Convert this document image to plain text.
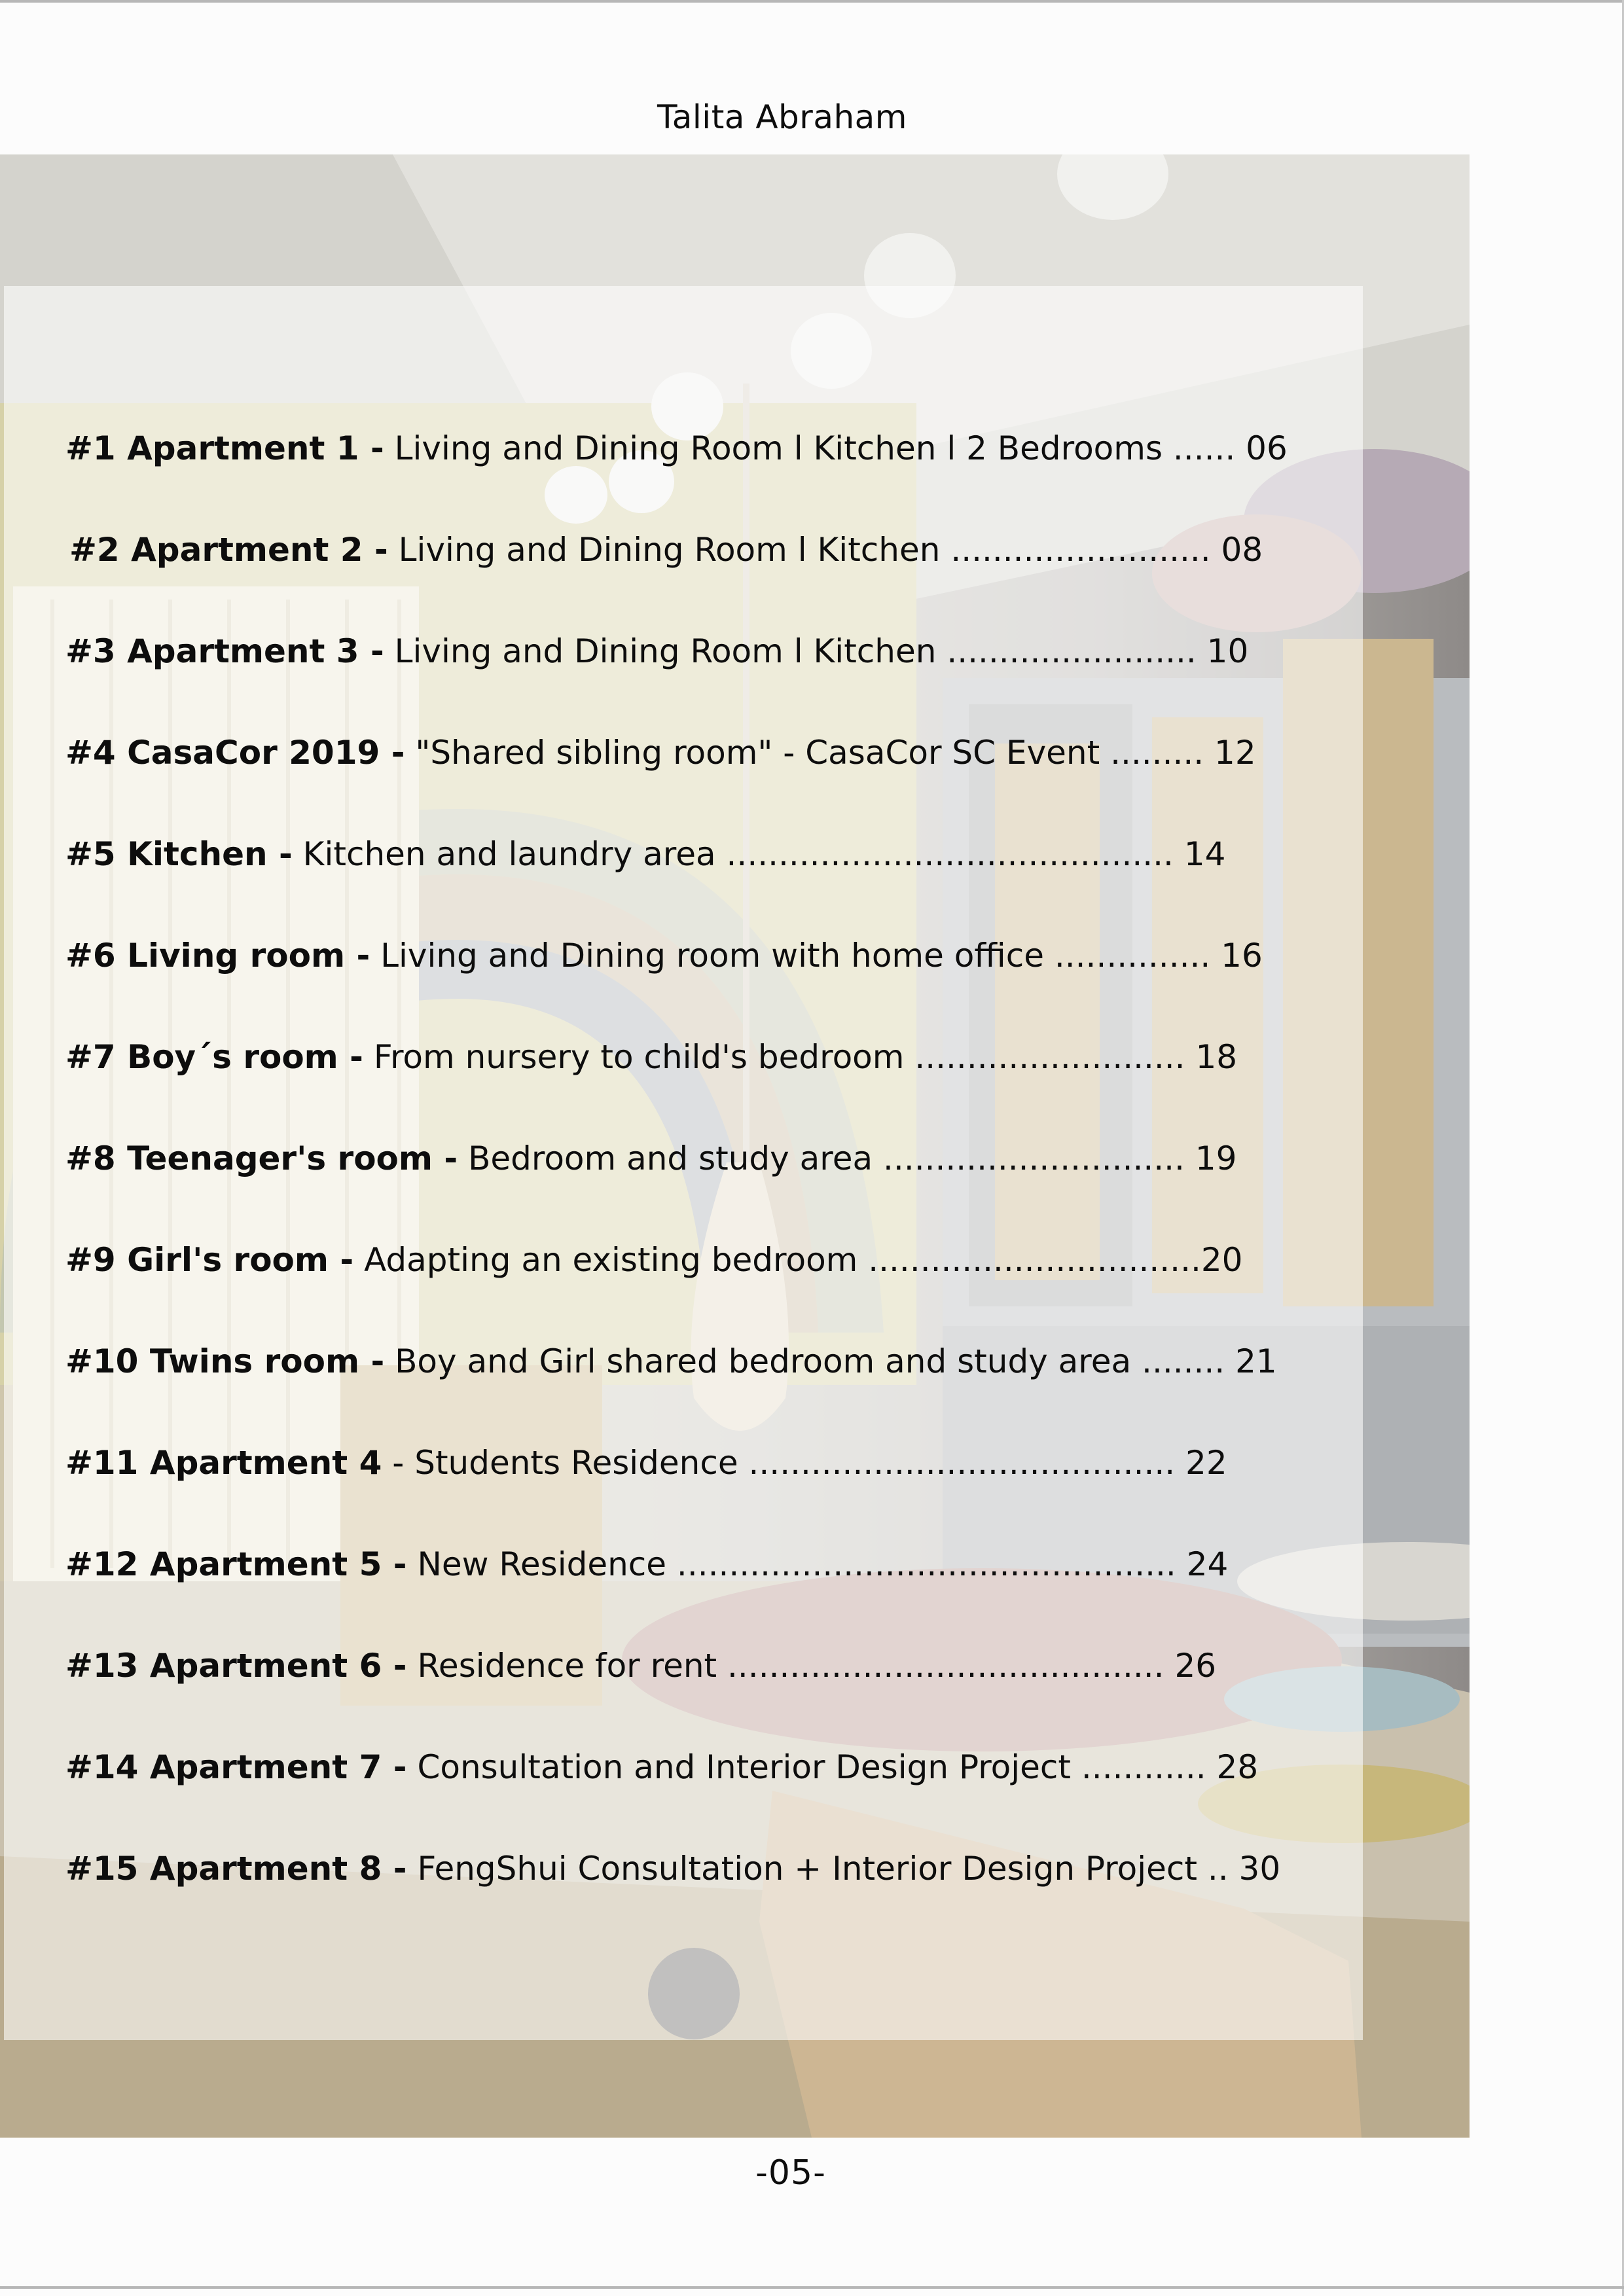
Talita Abraham
#1 Apartment 1 - Living and Dining Room l Kitchen l 2 Bedrooms ...... 06
#2 Apartment 2 - Living and Dining Room l Kitchen ......................... 08
#3 Apartment 3 - Living and Dining Room l Kitchen ........................ 10
#4 CasaCor 2019 - "Shared sibling room" - CasaCor SC Event ......... 12
#5 Kitchen - Kitchen and laundry area ........................................... 14
#6 Living room - Living and Dining room with home office ............... 16
#7 Boy´s room - From nursery to child's bedroom .......................... 18
#8 Teenager's room - Bedroom and study area ............................. 19
#9 Girl's room - Adapting an existing bedroom ................................20
#10 Twins room - Boy and Girl shared bedroom and study area ........ 21
#11 Apartment 4 - Students Residence ......................................... 22
#12 Apartment 5 - New Residence ................................................ 24
#13 Apartment 6 - Residence for rent .......................................... 26
#14 Apartment 7 - Consultation and Interior Design Project ............ 28
#15 Apartment 8 - FengShui Consultation + Interior Design Project .. 30
-05-
